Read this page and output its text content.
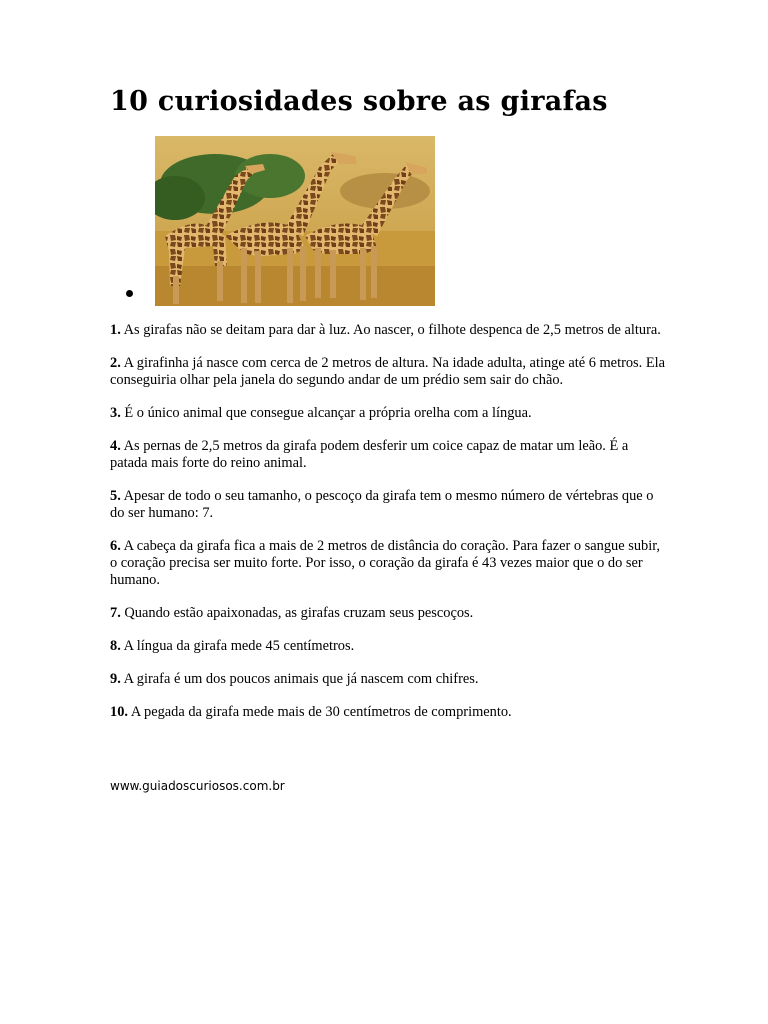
10 curiosidades sobre as girafas

1. As girafas não se deitam para dar à luz. Ao nascer, o filhote despenca de 2,5 metros de altura.

2. A girafinha já nasce com cerca de 2 metros de altura. Na idade adulta, atinge até 6 metros. Ela conseguiria olhar pela janela do segundo andar de um prédio sem sair do chão.

3. É o único animal que consegue alcançar a própria orelha com a língua.

4. As pernas de 2,5 metros da girafa podem desferir um coice capaz de matar um leão. É a patada mais forte do reino animal.

5. Apesar de todo o seu tamanho, o pescoço da girafa tem o mesmo número de vértebras que o do ser humano: 7.

6. A cabeça da girafa fica a mais de 2 metros de distância do coração. Para fazer o sangue subir, o coração precisa ser muito forte. Por isso, o coração da girafa é 43 vezes maior que o do ser humano.

7. Quando estão apaixonadas, as girafas cruzam seus pescoços.

8. A língua da girafa mede 45 centímetros.

9. A girafa é um dos poucos animais que já nascem com chifres.

10. A pegada da girafa mede mais de 30 centímetros de comprimento.

www.guiadoscuriosos.com.br
